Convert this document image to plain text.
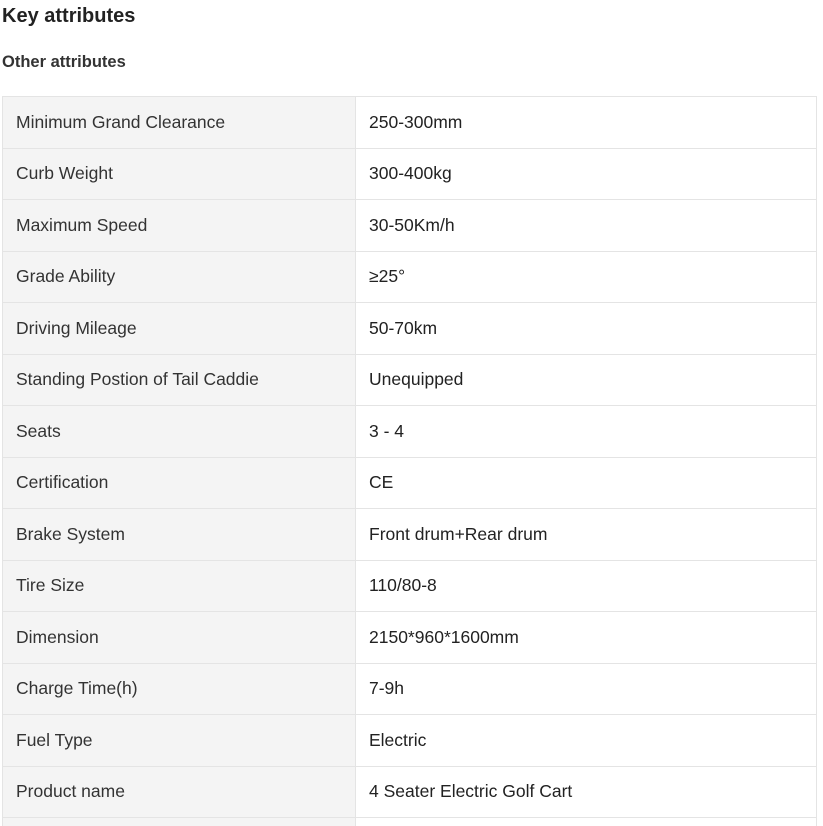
Key attributes
Other attributes
Minimum Grand Clearance	250-300mm
Curb Weight	300-400kg
Maximum Speed	30-50Km/h
Grade Ability	≥25°
Driving Mileage	50-70km
Standing Postion of Tail Caddie	Unequipped
Seats	3 - 4
Certification	CE
Brake System	Front drum+Rear drum
Tire Size	110/80-8
Dimension	2150*960*1600mm
Charge Time(h)	7-9h
Fuel Type	Electric
Product name	4 Seater Electric Golf Cart
